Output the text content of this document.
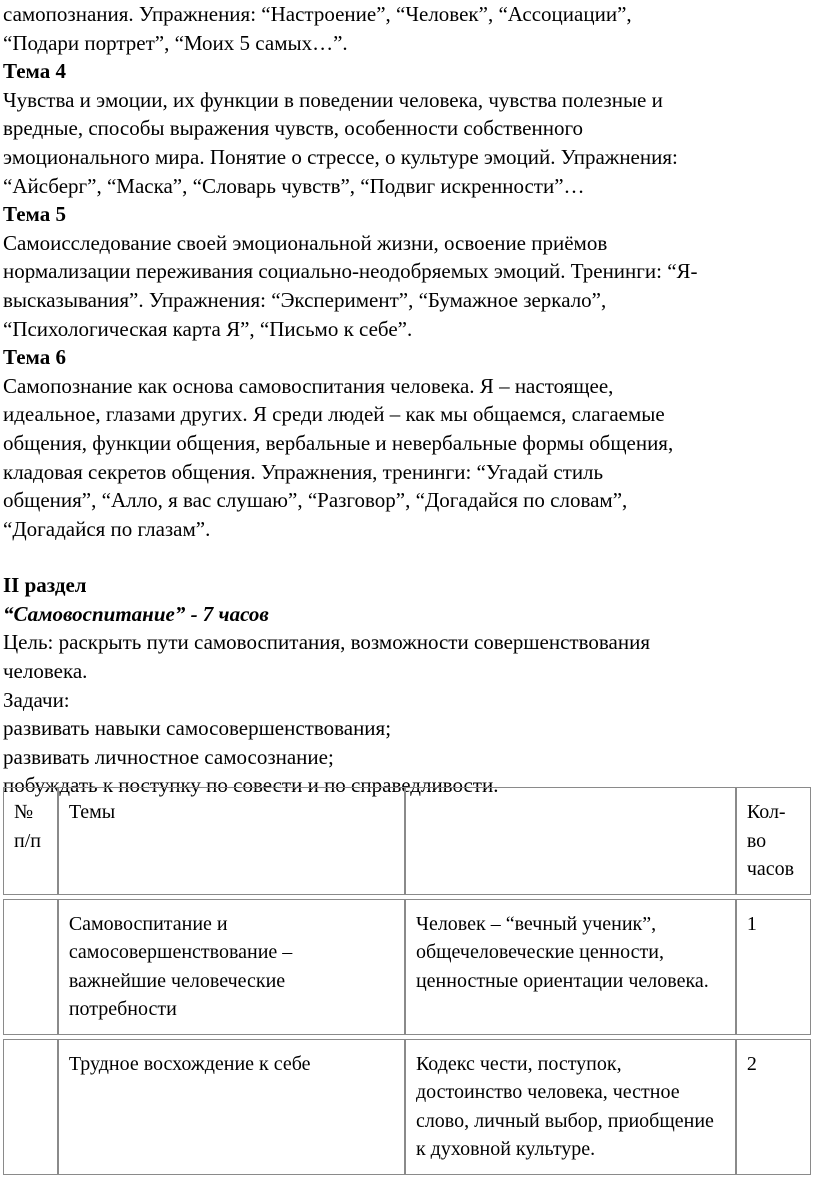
самопознания. Упражнения: “Настроение”, “Человек”, “Ассоциации”,

“Подари портрет”, “Моих 5 самых…”.

Тема 4

Чувства и эмоции, их функции в поведении человека, чувства полезные и

вредные, способы выражения чувств, особенности собственного

эмоционального мира. Понятие о стрессе, о культуре эмоций. Упражнения:

“Айсберг”, “Маска”, “Словарь чувств”, “Подвиг искренности”…

Тема 5

Самоисследование своей эмоциональной жизни, освоение приёмов

нормализации переживания социально-неодобряемых эмоций. Тренинги: “Я-

высказывания”. Упражнения: “Эксперимент”, “Бумажное зеркало”,

“Психологическая карта Я”, “Письмо к себе”.

Тема 6

Самопознание как основа самовоспитания человека. Я – настоящее,

идеальное, глазами других. Я среди людей – как мы общаемся, слагаемые

общения, функции общения, вербальные и невербальные формы общения,

кладовая секретов общения. Упражнения, тренинги: “Угадай стиль

общения”, “Алло, я вас слушаю”, “Разговор”, “Догадайся по словам”,

“Догадайся по глазам”.

II раздел

“Самовоспитание” - 7 часов

Цель: раскрыть пути самовоспитания, возможности совершенствования

человека.

Задачи:

развивать навыки самосовершенствования;

развивать личностное самосознание;

побуждать к поступку по совести и по справедливости.

№ п/п	Темы		Кол-во часов

	Самовоспитание и самосовершенствование – важнейшие человеческие потребности	Человек – “вечный ученик”, общечеловеческие ценности, ценностные ориентации человека.	1

	Трудное восхождение к себе	Кодекс чести, поступок, достоинство человека, честное слово, личный выбор, приобщение к духовной культуре.	2
